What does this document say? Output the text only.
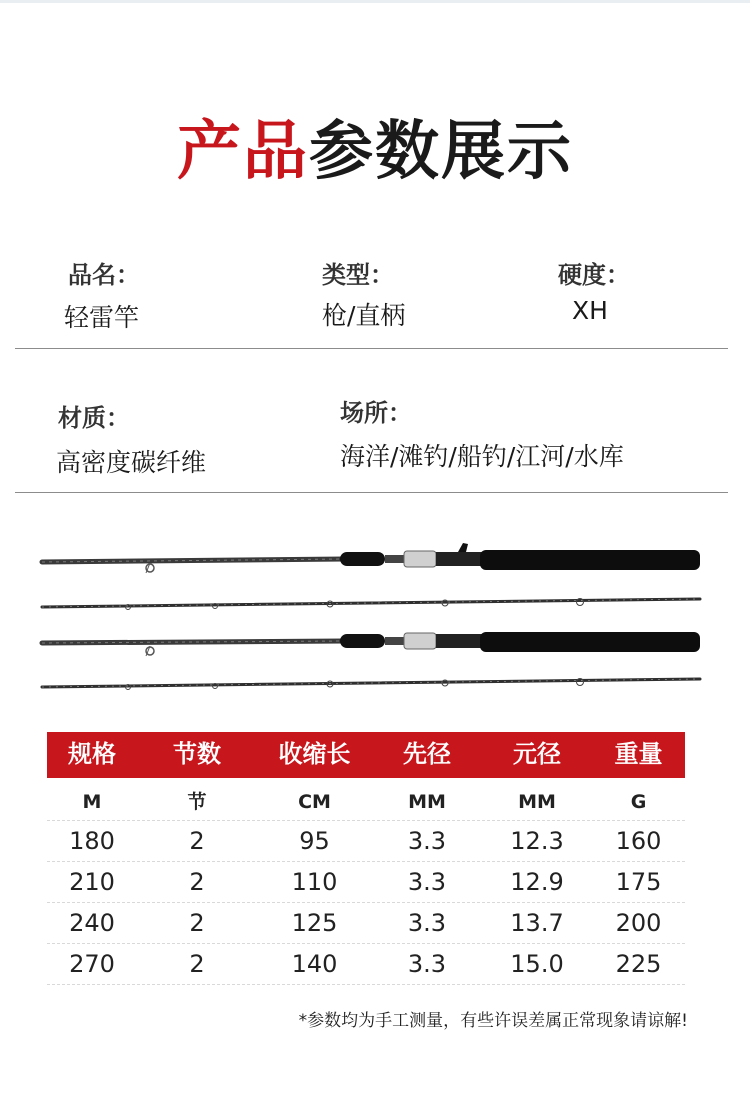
产品参数展示
品名：
轻雷竿
类型：
枪/直柄
硬度：
XH
材质：
高密度碳纤维
场所：
海洋/滩钓/船钓/江河/水库
规格	节数	收缩长	先径	元径	重量
M	节	CM	MM	MM	G
180	2	95	3.3	12.3	160
210	2	110	3.3	12.9	175
240	2	125	3.3	13.7	200
270	2	140	3.3	15.0	225
*参数均为手工测量，有些许误差属正常现象请谅解!
